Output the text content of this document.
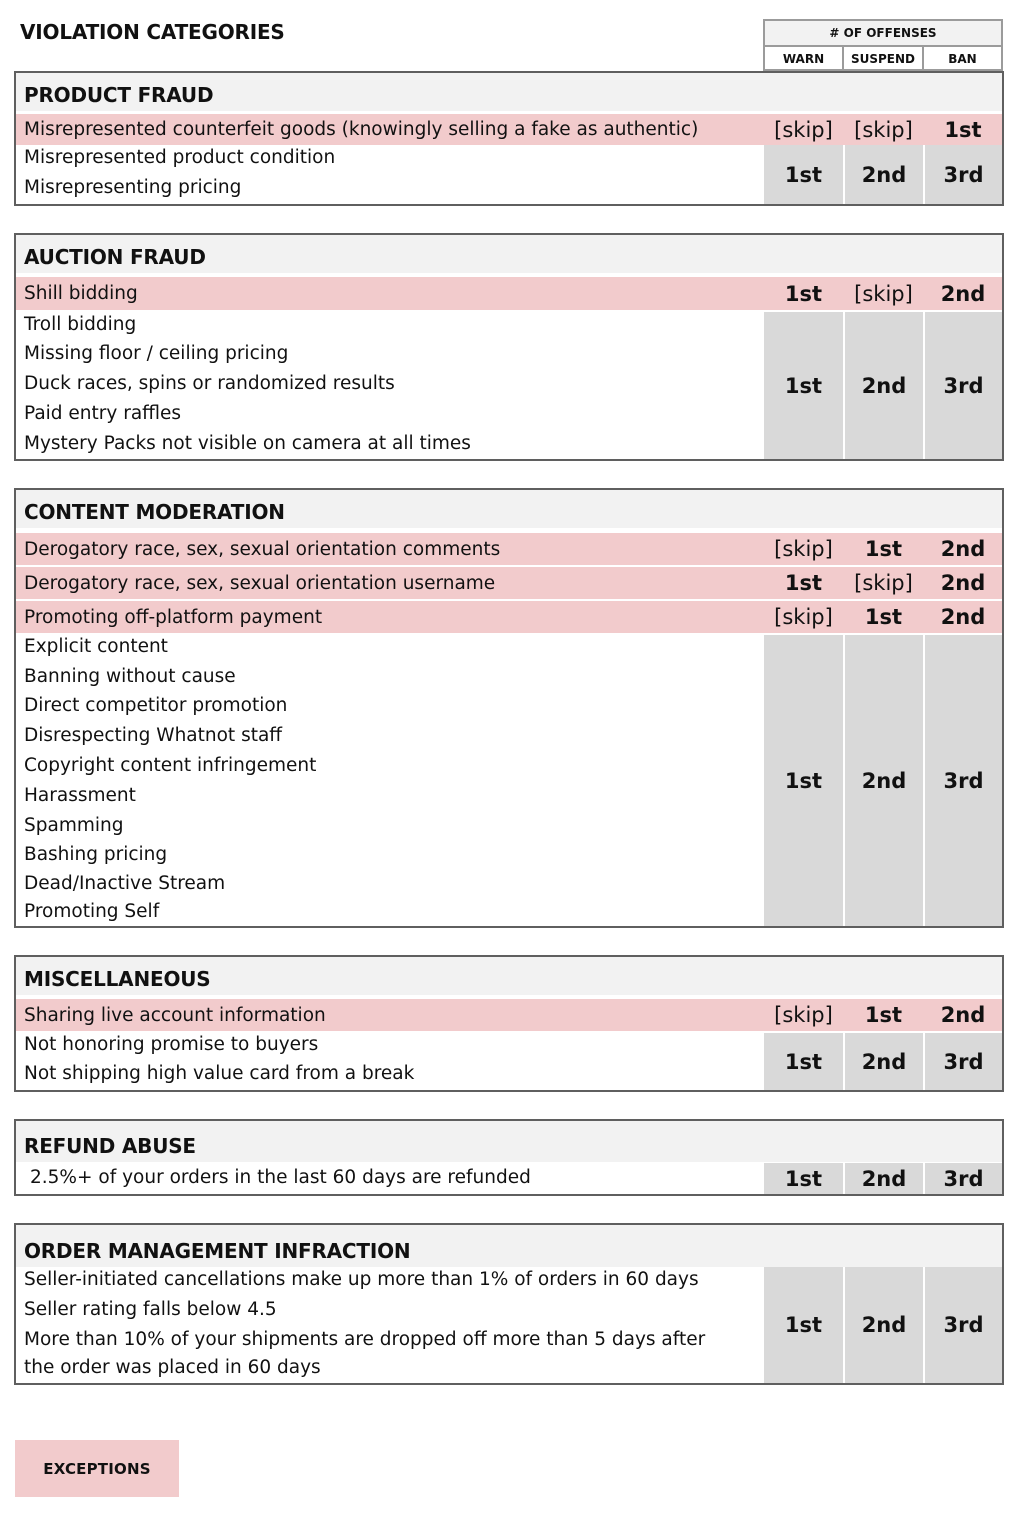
VIOLATION CATEGORIES	# OF OFFENSES
WARN	SUSPEND	BAN
PRODUCT FRAUD
Misrepresented counterfeit goods (knowingly selling a fake as authentic)	[skip] [skip] 1st
Misrepresented product condition
Misrepresenting pricing
1st	2nd	3rd
AUCTION FRAUD
Shill bidding	1st [skip] 2nd
Troll bidding
Missing floor / ceiling pricing
Duck races, spins or randomized results
Paid entry raffles
Mystery Packs not visible on camera at all times
1st	2nd	3rd
CONTENT MODERATION
Derogatory race, sex, sexual orientation comments	[skip] 1st 2nd
Derogatory race, sex, sexual orientation username	1st [skip] 2nd
Promoting off-platform payment	[skip] 1st 2nd
Explicit content
Banning without cause
Direct competitor promotion
Disrespecting Whatnot staff
Copyright content infringement
Harassment
Spamming
Bashing pricing
Dead/Inactive Stream
Promoting Self
1st	2nd	3rd
MISCELLANEOUS
Sharing live account information	[skip] 1st 2nd
Not honoring promise to buyers
Not shipping high value card from a break	1st	2nd	3rd
REFUND ABUSE
2.5%+ of your orders in the last 60 days are refunded	1st	2nd	3rd
ORDER MANAGEMENT INFRACTION
Seller-initiated cancellations make up more than 1% of orders in 60 days
Seller rating falls below 4.5
More than 10% of your shipments are dropped off more than 5 days after
the order was placed in 60 days
1st	2nd	3rd
EXCEPTIONS
